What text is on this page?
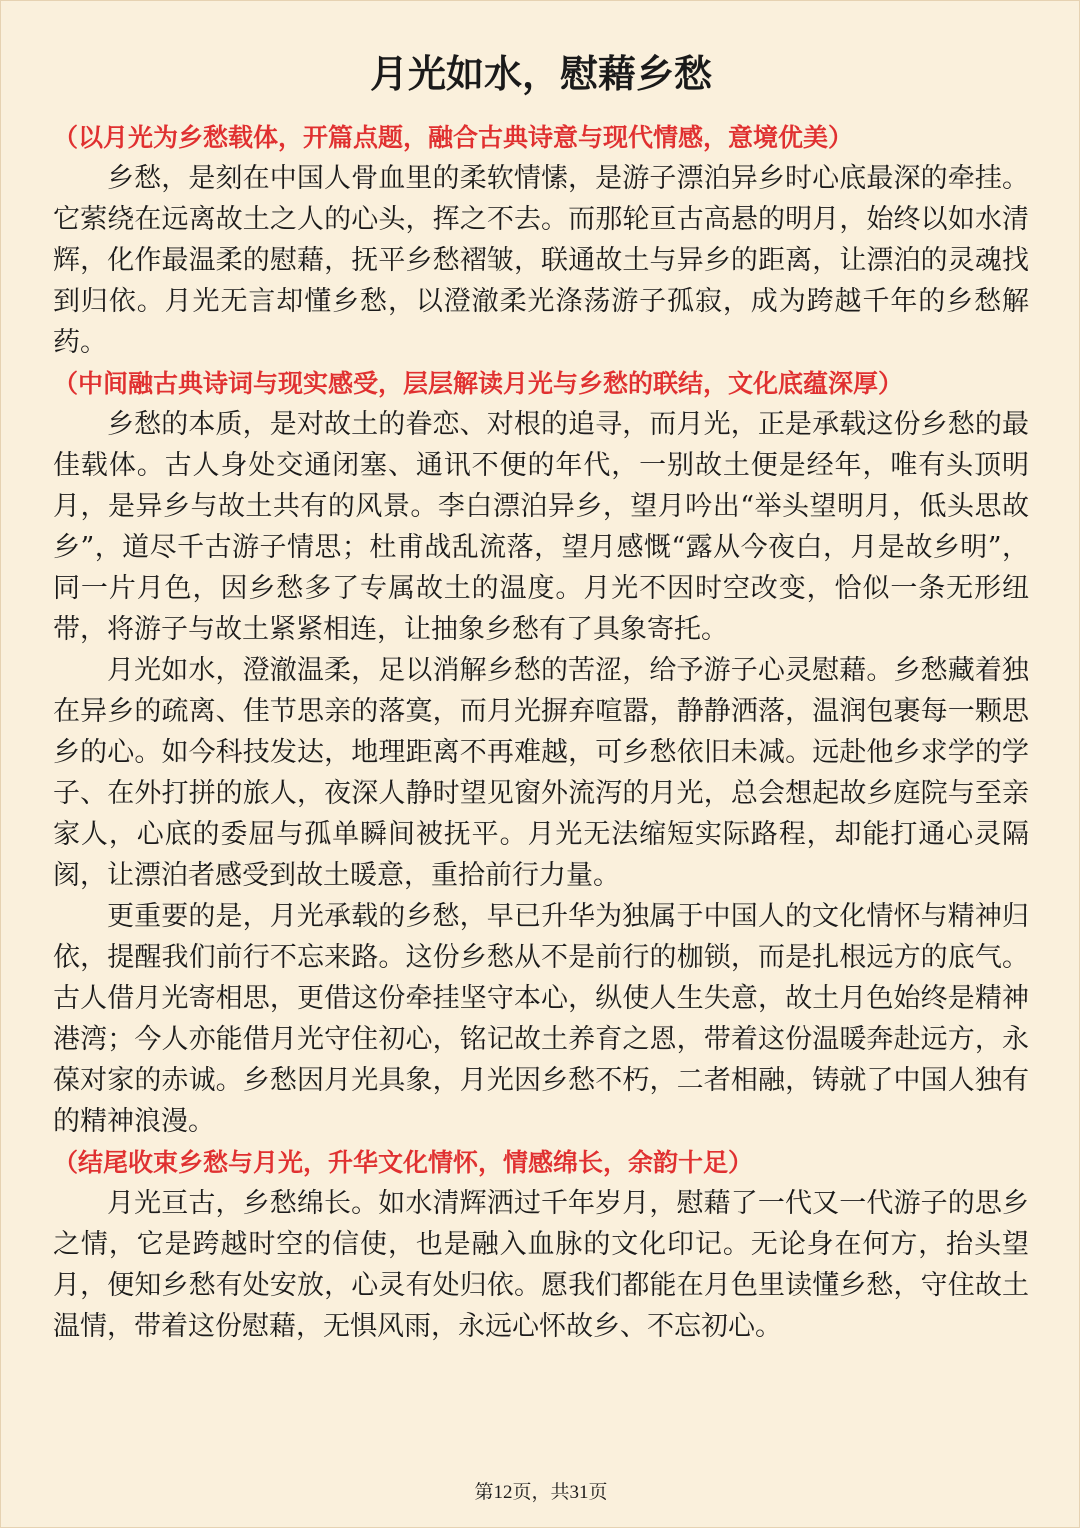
月光如水，慰藉乡愁

（以月光为乡愁载体，开篇点题，融合古典诗意与现代情感，意境优美）

乡愁，是刻在中国人骨血里的柔软情愫，是游子漂泊异乡时心底最深的牵挂。它萦绕在远离故土之人的心头，挥之不去。而那轮亘古高悬的明月，始终以如水清辉，化作最温柔的慰藉，抚平乡愁褶皱，联通故土与异乡的距离，让漂泊的灵魂找到归依。月光无言却懂乡愁，以澄澈柔光涤荡游子孤寂，成为跨越千年的乡愁解药。

（中间融古典诗词与现实感受，层层解读月光与乡愁的联结，文化底蕴深厚）

乡愁的本质，是对故土的眷恋、对根的追寻，而月光，正是承载这份乡愁的最佳载体。古人身处交通闭塞、通讯不便的年代，一别故土便是经年，唯有头顶明月，是异乡与故土共有的风景。李白漂泊异乡，望月吟出“举头望明月，低头思故乡”，道尽千古游子情思；杜甫战乱流落，望月感慨“露从今夜白，月是故乡明”，同一片月色，因乡愁多了专属故土的温度。月光不因时空改变，恰似一条无形纽带，将游子与故土紧紧相连，让抽象乡愁有了具象寄托。

月光如水，澄澈温柔，足以消解乡愁的苦涩，给予游子心灵慰藉。乡愁藏着独在异乡的疏离、佳节思亲的落寞，而月光摒弃喧嚣，静静洒落，温润包裹每一颗思乡的心。如今科技发达，地理距离不再难越，可乡愁依旧未减。远赴他乡求学的学子、在外打拼的旅人，夜深人静时望见窗外流泻的月光，总会想起故乡庭院与至亲家人，心底的委屈与孤单瞬间被抚平。月光无法缩短实际路程，却能打通心灵隔阂，让漂泊者感受到故土暖意，重拾前行力量。

更重要的是，月光承载的乡愁，早已升华为独属于中国人的文化情怀与精神归依，提醒我们前行不忘来路。这份乡愁从不是前行的枷锁，而是扎根远方的底气。古人借月光寄相思，更借这份牵挂坚守本心，纵使人生失意，故土月色始终是精神港湾；今人亦能借月光守住初心，铭记故土养育之恩，带着这份温暖奔赴远方，永葆对家的赤诚。乡愁因月光具象，月光因乡愁不朽，二者相融，铸就了中国人独有的精神浪漫。

（结尾收束乡愁与月光，升华文化情怀，情感绵长，余韵十足）

月光亘古，乡愁绵长。如水清辉洒过千年岁月，慰藉了一代又一代游子的思乡之情，它是跨越时空的信使，也是融入血脉的文化印记。无论身在何方，抬头望月，便知乡愁有处安放，心灵有处归依。愿我们都能在月色里读懂乡愁，守住故土温情，带着这份慰藉，无惧风雨，永远心怀故乡、不忘初心。

第12页，共31页
